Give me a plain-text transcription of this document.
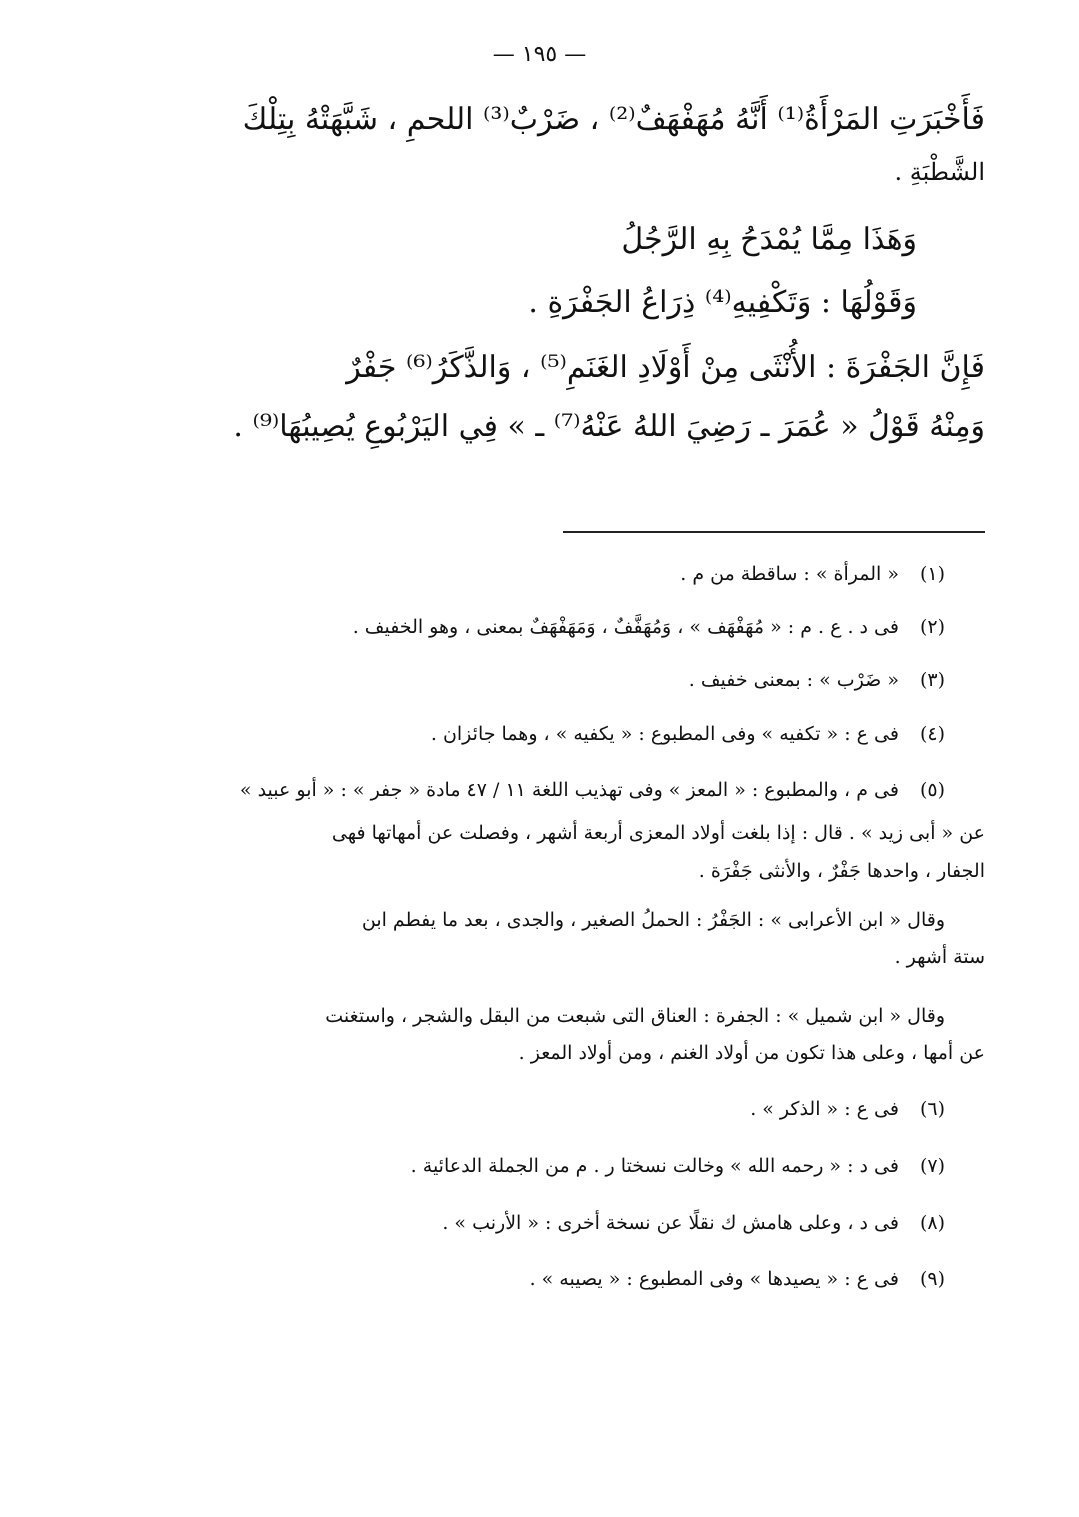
— ١٩٥ —
فَأَخْبَرَتِ المَرْأَةُ⁽¹⁾ أَنَّهُ مُهَفْهَفٌ⁽²⁾ ، ضَرْبٌ⁽³⁾ اللحمِ ، شَبَّهَتْهُ بِتِلْكَ
الشَّطْبَةِ .
وَهَذَا مِمَّا يُمْدَحُ بِهِ الرَّجُلُ
وَقَوْلُهَا : وَتَكْفِيهِ⁽⁴⁾ ذِرَاعُ الجَفْرَةِ .
فَإِنَّ الجَفْرَةَ : الأُنْثَى مِنْ أَوْلَادِ الغَنَمِ⁽⁵⁾ ، وَالذَّكَرُ⁽⁶⁾ جَفْرٌ
وَمِنْهُ قَوْلُ « عُمَرَ ـ رَضِيَ اللهُ عَنْهُ⁽⁷⁾ ـ » فِي اليَرْبُوعِ يُصِيبُهَا⁽⁹⁾ .
(١) « المرأة » : ساقطة من م .
(٢) فى د . ع . م : « مُهَفْهَف » ، وَمُهَفَّفٌ ، وَمَهَفْهَفٌ بمعنى ، وهو الخفيف .
(٣) « ضَرْب » : بمعنى خفيف .
(٤) فى ع : « تكفيه » وفى المطبوع : « يكفيه » ، وهما جائزان .
(٥) فى م ، والمطبوع : « المعز » وفى تهذيب اللغة ١١ / ٤٧ مادة « جفر » : « أبو عبيد »
عن « أبى زيد » . قال : إذا بلغت أولاد المعزى أربعة أشهر ، وفصلت عن أمهاتها فهى
الجفار ، واحدها جَفْرٌ ، والأنثى جَفْرَة .
وقال « ابن الأعرابى » : الجَفْرُ : الحملُ الصغير ، والجدى ، بعد ما يفطم ابن
ستة أشهر .
وقال « ابن شميل » : الجفرة : العناق التى شبعت من البقل والشجر ، واستغنت
عن أمها ، وعلى هذا تكون من أولاد الغنم ، ومن أولاد المعز .
(٦) فى ع : « الذكر » .
(٧) فى د : « رحمه الله » وخالت نسختا ر . م من الجملة الدعائية .
(٨) فى د ، وعلى هامش ك نقلًا عن نسخة أخرى : « الأرنب » .
(٩) فى ع : « يصيدها » وفى المطبوع : « يصيبه » .
